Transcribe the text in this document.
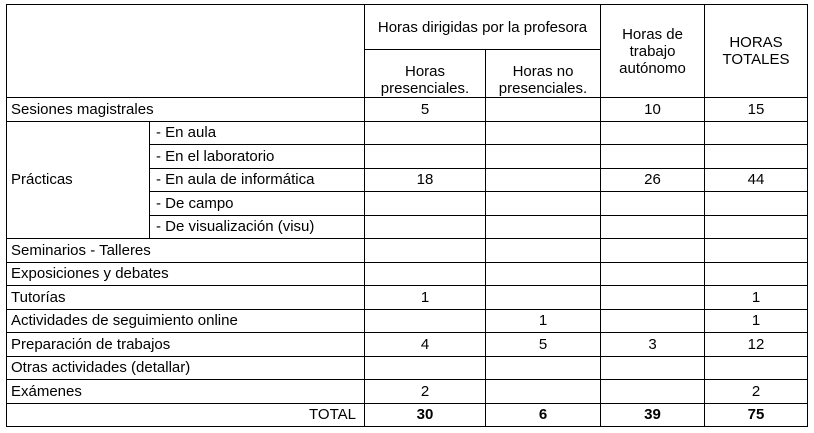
		Horas dirigidas por la profesora		Horas de trabajo autónomo	HORAS TOTALES
		Horas presenciales.	Horas no presenciales.		
Sesiones magistrales		5		10	15
Prácticas	- En aula				
	- En el laboratorio				
	- En aula de informática	18		26	44
	- De campo				
	- De visualización (visu)				
Seminarios - Talleres					
Exposiciones y debates					
Tutorías		1			1
Actividades de seguimiento online			1		1
Preparación de trabajos		4	5	3	12
Otras actividades (detallar)					
Exámenes		2			2
TOTAL		30	6	39	75
